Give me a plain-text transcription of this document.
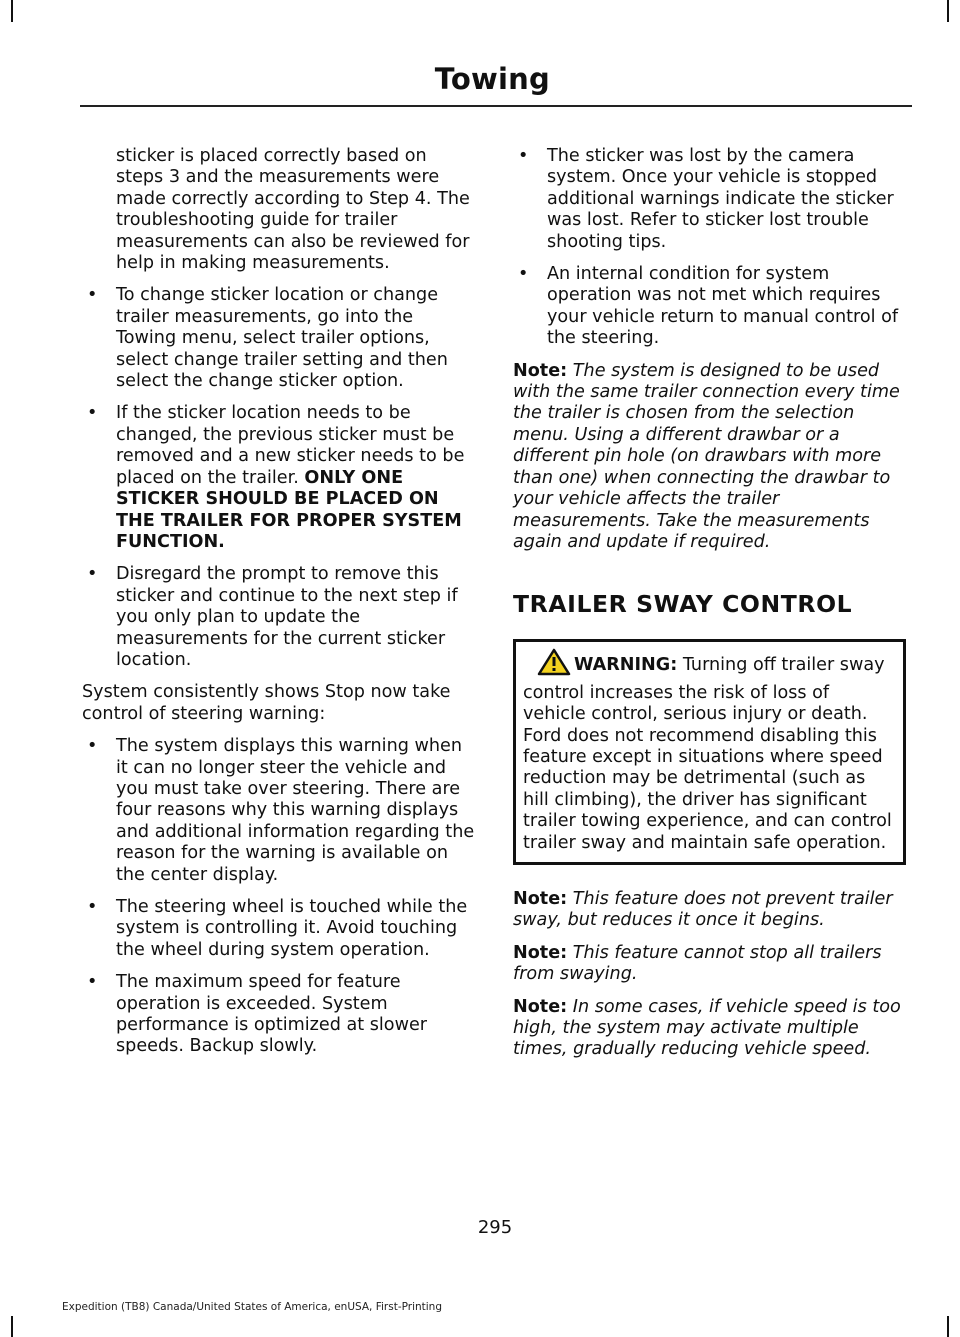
Towing

sticker is placed correctly based on steps 3 and the measurements were made correctly according to Step 4. The troubleshooting guide for trailer measurements can also be reviewed for help in making measurements.

• To change sticker location or change trailer measurements, go into the Towing menu, select trailer options, select change trailer setting and then select the change sticker option.
• If the sticker location needs to be changed, the previous sticker must be removed and a new sticker needs to be placed on the trailer. ONLY ONE STICKER SHOULD BE PLACED ON THE TRAILER FOR PROPER SYSTEM FUNCTION.
• Disregard the prompt to remove this sticker and continue to the next step if you only plan to update the measurements for the current sticker location.

System consistently shows Stop now take control of steering warning:

• The system displays this warning when it can no longer steer the vehicle and you must take over steering. There are four reasons why this warning displays and additional information regarding the reason for the warning is available on the center display.
• The steering wheel is touched while the system is controlling it. Avoid touching the wheel during system operation.
• The maximum speed for feature operation is exceeded. System performance is optimized at slower speeds. Backup slowly.
• The sticker was lost by the camera system. Once your vehicle is stopped additional warnings indicate the sticker was lost. Refer to sticker lost trouble shooting tips.
• An internal condition for system operation was not met which requires your vehicle return to manual control of the steering.

Note: The system is designed to be used with the same trailer connection every time the trailer is chosen from the selection menu. Using a different drawbar or a different pin hole (on drawbars with more than one) when connecting the drawbar to your vehicle affects the trailer measurements. Take the measurements again and update if required.

TRAILER SWAY CONTROL
WARNING: Turning off trailer sway control increases the risk of loss of vehicle control, serious injury or death. Ford does not recommend disabling this feature except in situations where speed reduction may be detrimental (such as hill climbing), the driver has significant trailer towing experience, and can control trailer sway and maintain safe operation.

Note: This feature does not prevent trailer sway, but reduces it once it begins.

Note: This feature cannot stop all trailers from swaying.

Note: In some cases, if vehicle speed is too high, the system may activate multiple times, gradually reducing vehicle speed.

295
Expedition (TB8) Canada/United States of America, enUSA, First-Printing
